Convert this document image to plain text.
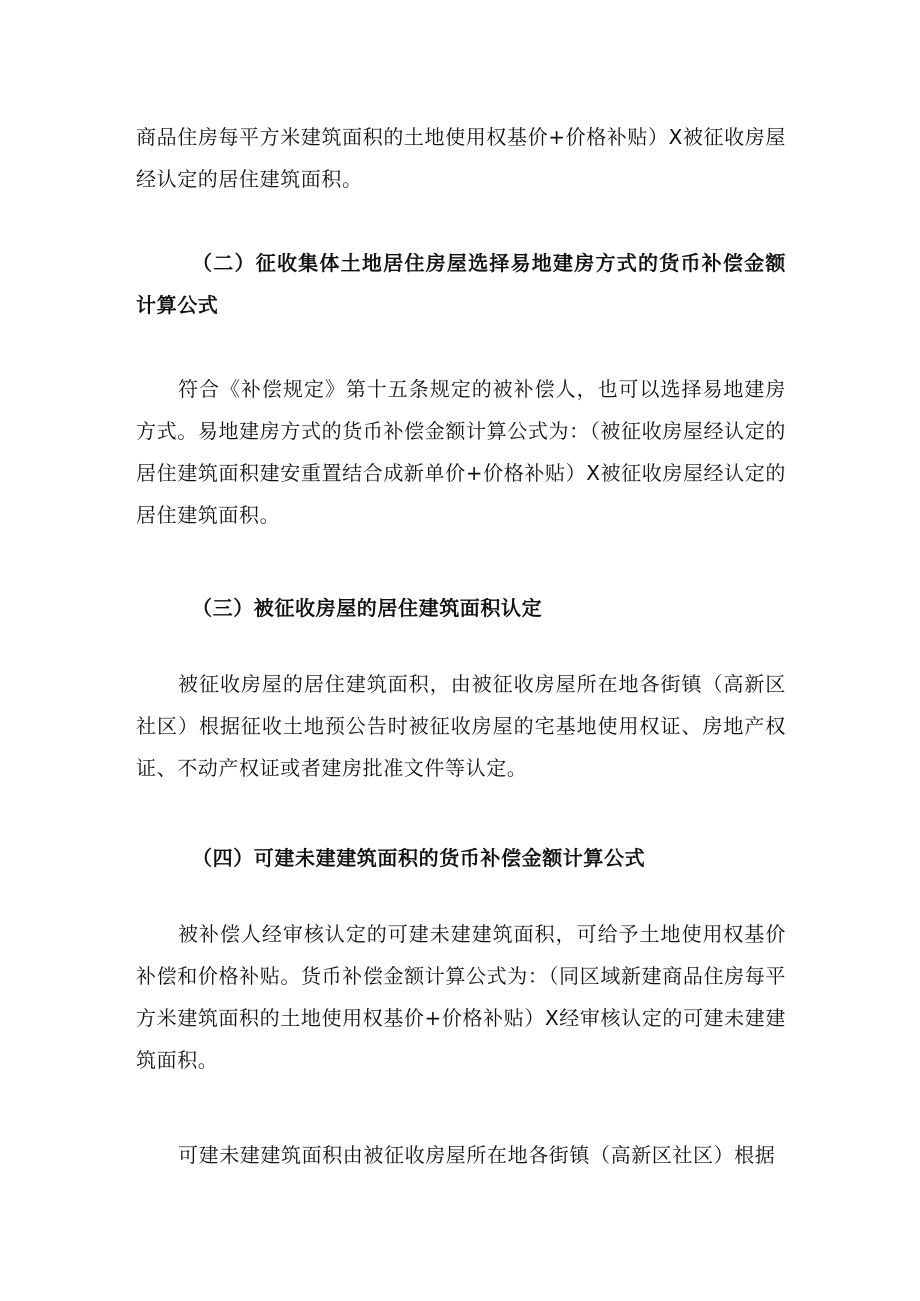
商品住房每平方米建筑面积的土地使用权基价+价格补贴）X被征收房屋经认定的居住建筑面积。
（二）征收集体土地居住房屋选择易地建房方式的货币补偿金额计算公式
符合《补偿规定》第十五条规定的被补偿人，也可以选择易地建房方式。易地建房方式的货币补偿金额计算公式为：（被征收房屋经认定的居住建筑面积建安重置结合成新单价+价格补贴）X被征收房屋经认定的居住建筑面积。
（三）被征收房屋的居住建筑面积认定
被征收房屋的居住建筑面积，由被征收房屋所在地各街镇（高新区社区）根据征收土地预公告时被征收房屋的宅基地使用权证、房地产权证、不动产权证或者建房批准文件等认定。
（四）可建未建建筑面积的货币补偿金额计算公式
被补偿人经审核认定的可建未建建筑面积，可给予土地使用权基价补偿和价格补贴。货币补偿金额计算公式为：（同区域新建商品住房每平方米建筑面积的土地使用权基价+价格补贴）X经审核认定的可建未建建筑面积。
可建未建建筑面积由被征收房屋所在地各街镇（高新区社区）根据
